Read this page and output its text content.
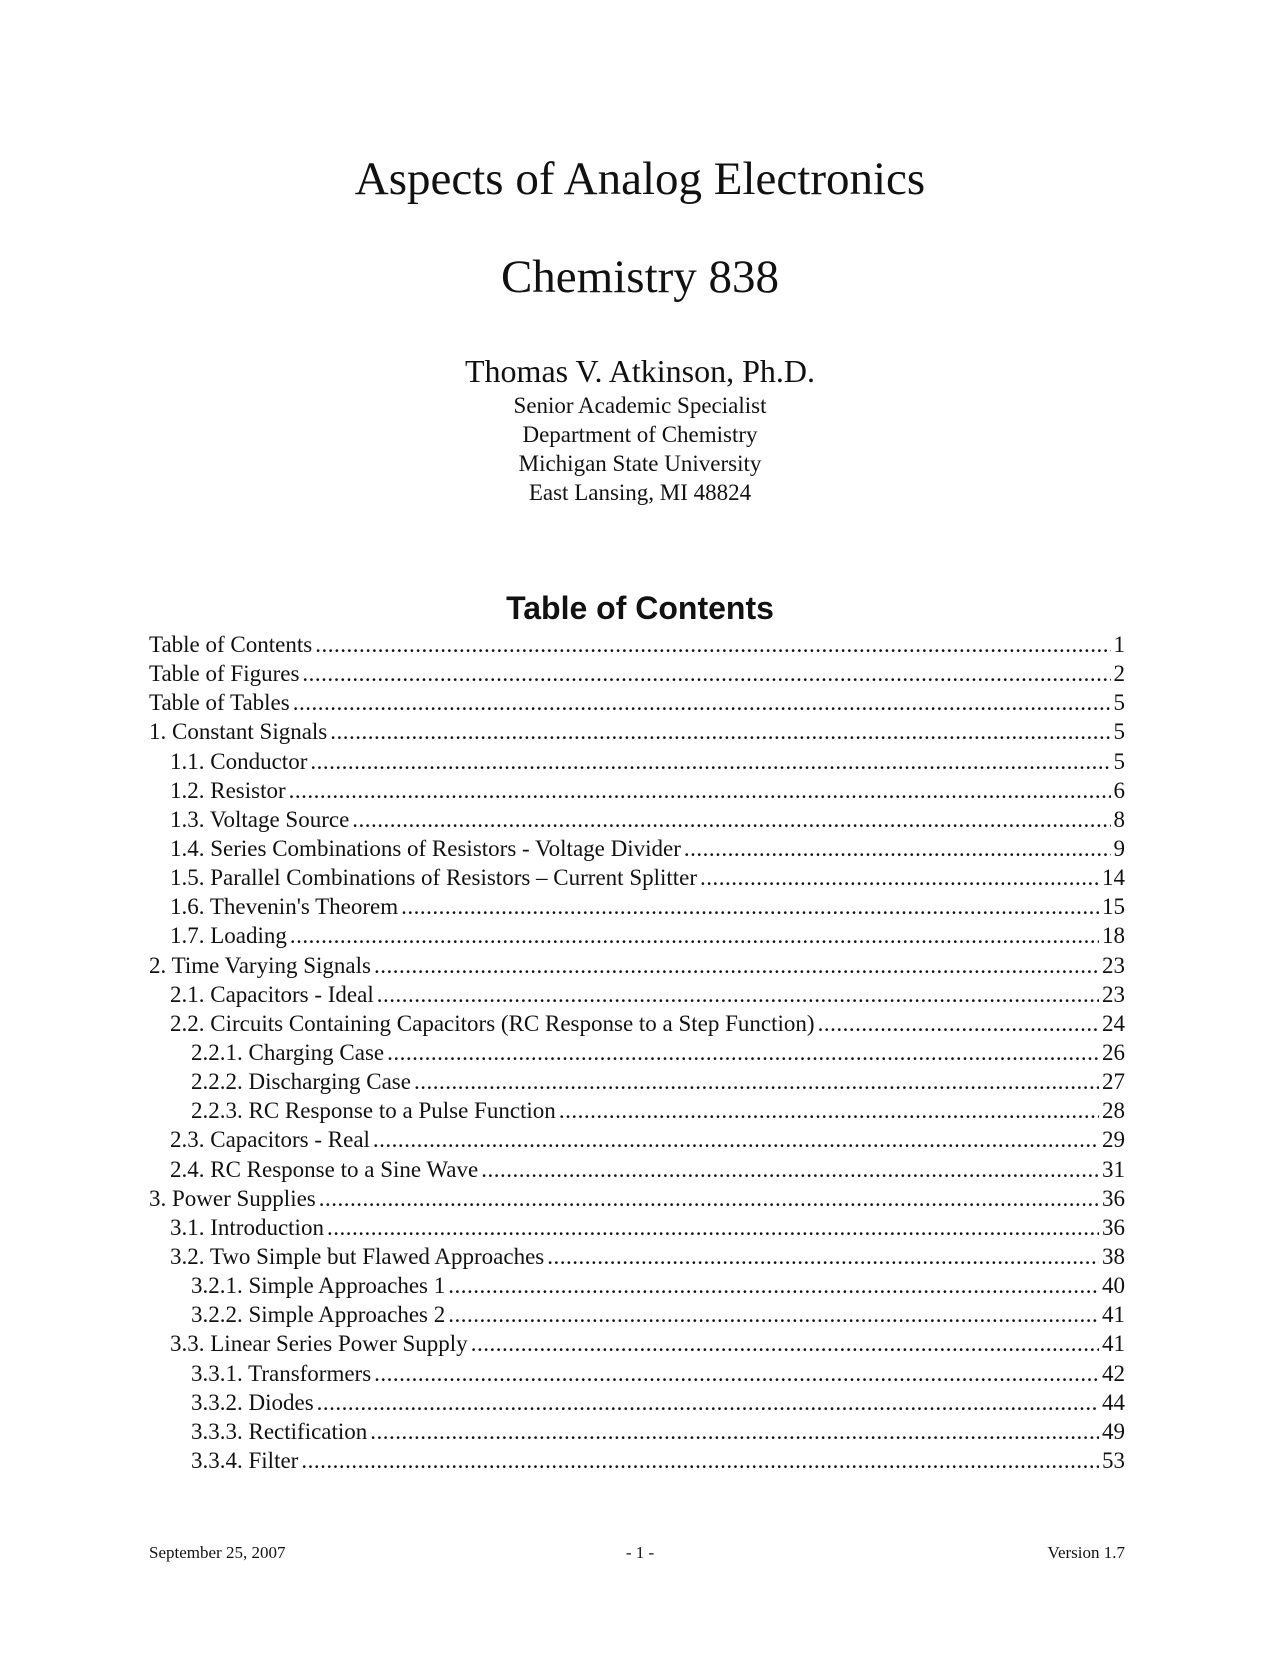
Aspects of Analog Electronics
Chemistry 838

Thomas V. Atkinson, Ph.D.

Senior Academic Specialist

Department of Chemistry

Michigan State University

East Lansing, MI 48824

Table of Contents
Table of Contents .....	1
Table of Figures .....	2
Table of Tables .....	5
1. Constant Signals .....	5
1.1. Conductor .....	5
1.2. Resistor .....	6
1.3. Voltage Source .....	8
1.4. Series Combinations of Resistors - Voltage Divider .....	9
1.5. Parallel Combinations of Resistors – Current Splitter .....	14
1.6. Thevenin's Theorem .....	15
1.7. Loading .....	18
2. Time Varying Signals .....	23
2.1. Capacitors - Ideal .....	23
2.2. Circuits Containing Capacitors (RC Response to a Step Function) .....	24
2.2.1. Charging Case .....	26
2.2.2. Discharging Case .....	27
2.2.3. RC Response to a Pulse Function .....	28
2.3. Capacitors - Real .....	29
2.4. RC Response to a Sine Wave .....	31
3. Power Supplies .....	36
3.1. Introduction .....	36
3.2. Two Simple but Flawed Approaches .....	38
3.2.1. Simple Approaches 1 .....	40
3.2.2. Simple Approaches 2 .....	41
3.3. Linear Series Power Supply .....	41
3.3.1. Transformers .....	42
3.3.2. Diodes .....	44
3.3.3. Rectification .....	49
3.3.4. Filter .....	53

September 25, 2007	- 1 -	Version 1.7
